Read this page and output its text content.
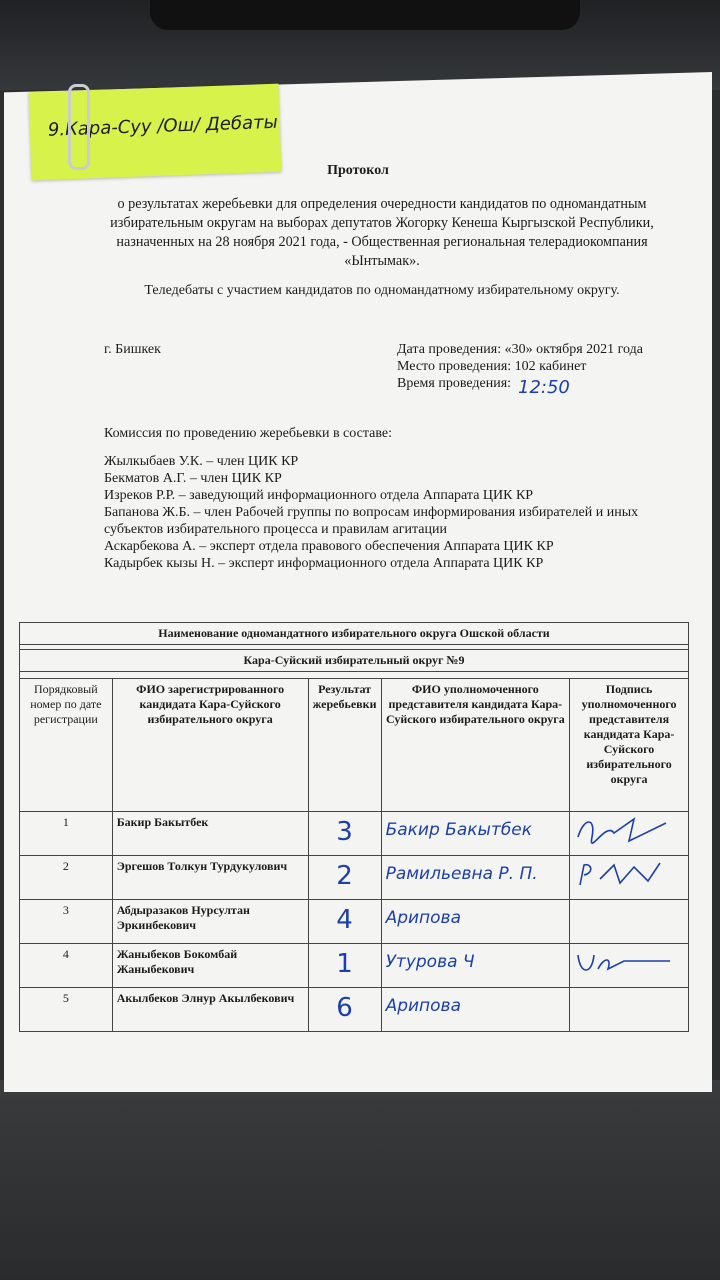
9.Кара-Суу /Ош/ Дебаты
Протокол
о результатах жеребьевки для определения очередности кандидатов по одномандатным
избирательным округам на выборах депутатов Жогорку Кенеша Кыргызской Республики,
назначенных на 28 ноября 2021 года, - Общественная региональная телерадиокомпания
«Ынтымак».
Теледебаты с участием кандидатов по одномандатному избирательному округу.
г. Бишкек	Дата проведения: «30» октября 2021 года
Место проведения: 102 кабинет
Время проведения: 12:50
Комиссия по проведению жеребьевки в составе:
Жылкыбаев У.К. – член ЦИК КР
Бекматов А.Г. – член ЦИК КР
Изреков Р.Р. – заведующий информационного отдела Аппарата ЦИК КР
Бапанова Ж.Б. – член Рабочей группы по вопросам информирования избирателей и иных
субъектов избирательного процесса и правилам агитации
Аскарбекова А. – эксперт отдела правового обеспечения Аппарата ЦИК КР
Кадырбек кызы Н. – эксперт информационного отдела Аппарата ЦИК КР
Наименование одномандатного избирательного округа Ошской области				

Кара-Суйский избирательный округ №9				

Порядковый номер по дате регистрации	ФИО зарегистрированного кандидата Кара-Суйского избирательного округа	Результат жеребьевки	ФИО уполномоченного представителя кандидата Кара-Суйского избирательного округа	Подпись уполномоченного представителя кандидата Кара-Суйского избирательного округа
1	Бакир Бакытбек	3	Бакир Бакытбек	
2	Эргешов Толкун Турдукулович	2	Рамильевна Р. П.	
3	Абдыразаков Нурсултан Эркинбекович	4	Арипова	
4	Жаныбеков Бокомбай Жаныбекович	1	Утурова Ч	
5	Акылбеков Элнур Акылбекович	6	Арипова	
